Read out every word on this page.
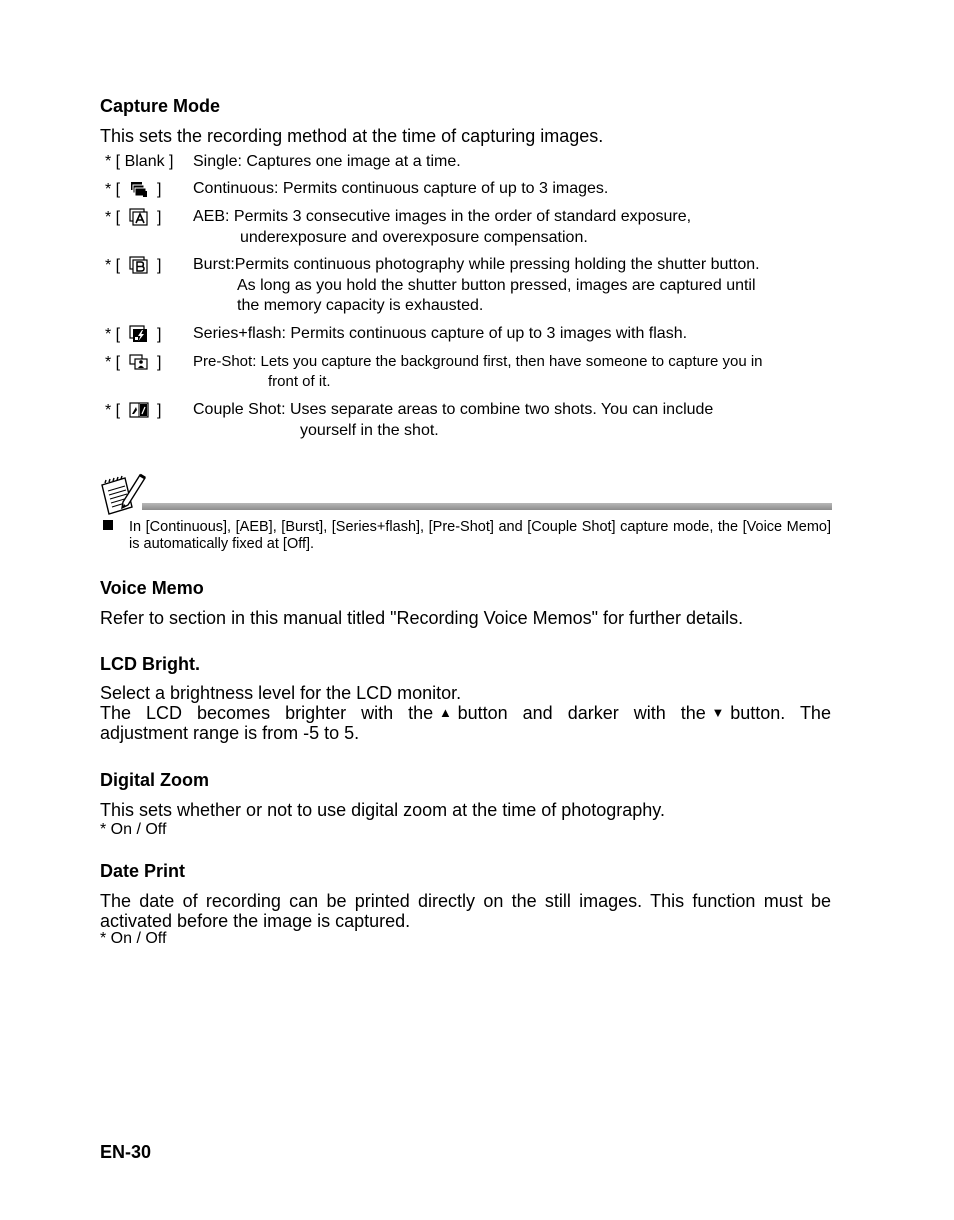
Capture Mode
This sets the recording method at the time of capturing images.
* [ Blank ] Single: Captures one image at a time.
* [ ] Continuous: Permits continuous capture of up to 3 images.
* [ ] AEB: Permits 3 consecutive images in the order of standard exposure,
underexposure and overexposure compensation.
* [ ] Burst:Permits continuous photography while pressing holding the shutter button.
As long as you hold the shutter button pressed, images are captured until
the memory capacity is exhausted.
* [ ] Series+flash: Permits continuous capture of up to 3 images with flash.
* [ ] Pre-Shot: Lets you capture the background first, then have someone to capture you in
front of it.
* [ ] Couple Shot: Uses separate areas to combine two shots. You can include
yourself in the shot.
In [Continuous], [AEB], [Burst], [Series+flash], [Pre-Shot] and [Couple Shot] capture mode, the [Voice Memo] is automatically fixed at [Off].
Voice Memo
Refer to section in this manual titled "Recording Voice Memos" for further details.
LCD Bright.
Select a brightness level for the LCD monitor.
The LCD becomes brighter with the ▲ button and darker with the ▼ button. The
adjustment range is from -5 to 5.
Digital Zoom
This sets whether or not to use digital zoom at the time of photography.
* On / Off
Date Print
The date of recording can be printed directly on the still images. This function must be activated before the image is captured.
* On / Off
EN-30
